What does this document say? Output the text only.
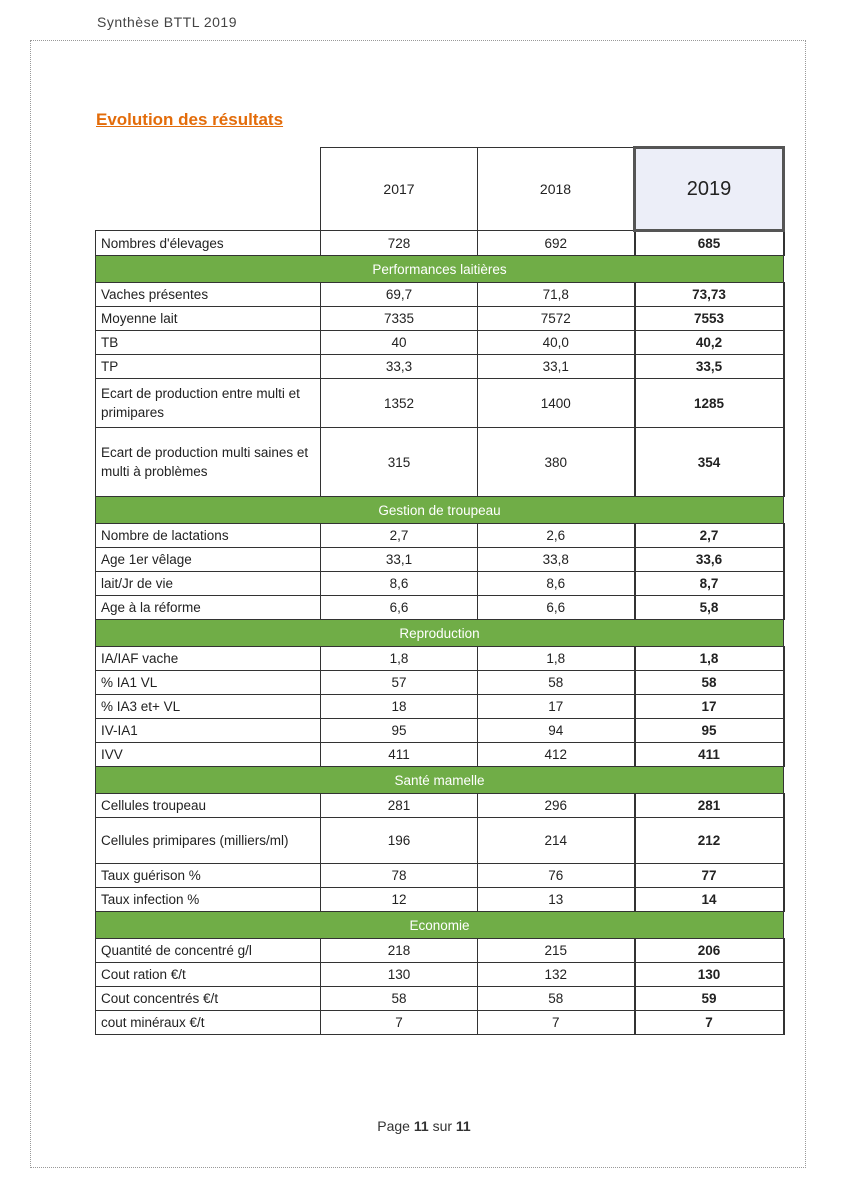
Synthèse BTTL 2019
Evolution des résultats
	2017	2018	2019
Nombres d'élevages	728	692	685
Performances laitières			
Vaches présentes	69,7	71,8	73,73
Moyenne lait	7335	7572	7553
TB	40	40,0	40,2
TP	33,3	33,1	33,5
Ecart de production entre multi et primipares	1352	1400	1285
Ecart de production multi saines et multi à problèmes	315	380	354
Gestion de troupeau			
Nombre de lactations	2,7	2,6	2,7
Age 1er vêlage	33,1	33,8	33,6
lait/Jr de vie	8,6	8,6	8,7
Age à la réforme	6,6	6,6	5,8
Reproduction			
IA/IAF vache	1,8	1,8	1,8
% IA1 VL	57	58	58
% IA3 et+ VL	18	17	17
IV-IA1	95	94	95
IVV	411	412	411
Santé mamelle			
Cellules troupeau	281	296	281
Cellules primipares (milliers/ml)	196	214	212
Taux guérison %	78	76	77
Taux infection %	12	13	14
Economie			
Quantité de concentré g/l	218	215	206
Cout ration €/t	130	132	130
Cout concentrés €/t	58	58	59
cout minéraux €/t	7	7	7
Page 11 sur 11
